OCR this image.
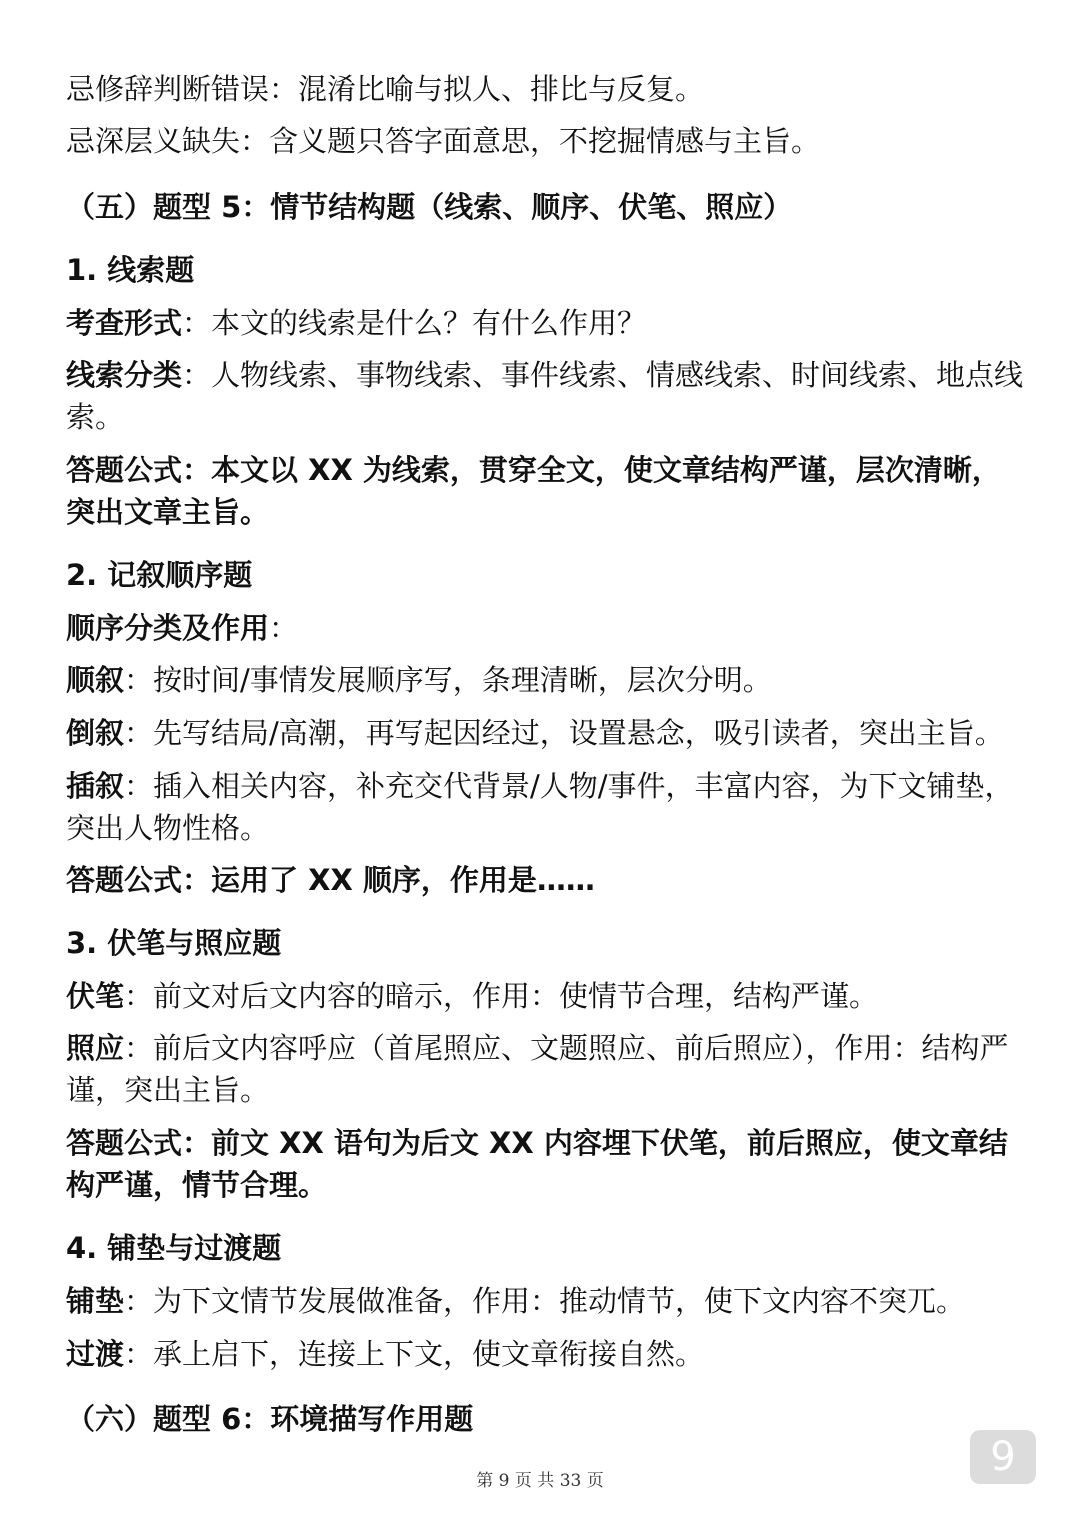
忌修辞判断错误：混淆比喻与拟人、排比与反复。
忌深层义缺失：含义题只答字面意思，不挖掘情感与主旨。
（五）题型 5：情节结构题（线索、顺序、伏笔、照应）
1. 线索题
考查形式：本文的线索是什么？有什么作用？
线索分类：人物线索、事物线索、事件线索、情感线索、时间线索、地点线索。
答题公式：本文以 XX 为线索，贯穿全文，使文章结构严谨，层次清晰，突出文章主旨。
2. 记叙顺序题
顺序分类及作用：
顺叙：按时间/事情发展顺序写，条理清晰，层次分明。
倒叙：先写结局/高潮，再写起因经过，设置悬念，吸引读者，突出主旨。
插叙：插入相关内容，补充交代背景/人物/事件，丰富内容，为下文铺垫，突出人物性格。
答题公式：运用了 XX 顺序，作用是……
3. 伏笔与照应题
伏笔：前文对后文内容的暗示，作用：使情节合理，结构严谨。
照应：前后文内容呼应（首尾照应、文题照应、前后照应），作用：结构严谨，突出主旨。
答题公式：前文 XX 语句为后文 XX 内容埋下伏笔，前后照应，使文章结构严谨，情节合理。
4. 铺垫与过渡题
铺垫：为下文情节发展做准备，作用：推动情节，使下文内容不突兀。
过渡：承上启下，连接上下文，使文章衔接自然。
（六）题型 6：环境描写作用题
第 9 页 共 33 页
9
